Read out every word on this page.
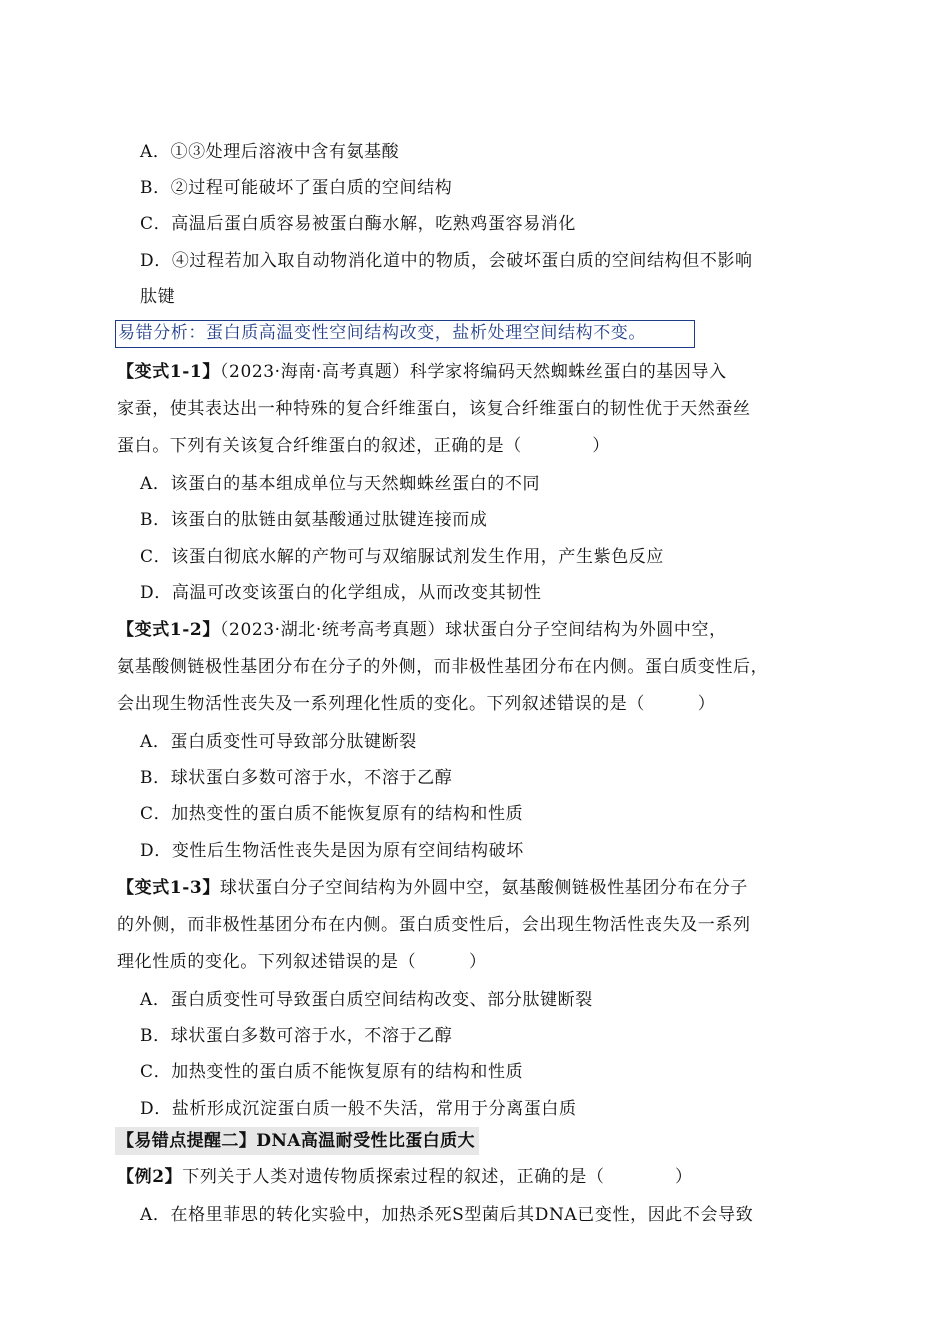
A．①③处理后溶液中含有氨基酸
B．②过程可能破坏了蛋白质的空间结构
C．高温后蛋白质容易被蛋白酶水解，吃熟鸡蛋容易消化
D．④过程若加入取自动物消化道中的物质，会破坏蛋白质的空间结构但不影响
肽键
易错分析：蛋白质高温变性空间结构改变，盐析处理空间结构不变。
【变式1-1】（2023·海南·高考真题）科学家将编码天然蜘蛛丝蛋白的基因导入
家蚕，使其表达出一种特殊的复合纤维蛋白，该复合纤维蛋白的韧性优于天然蚕丝
蛋白。下列有关该复合纤维蛋白的叙述，正确的是（　　　　）
A．该蛋白的基本组成单位与天然蜘蛛丝蛋白的不同
B．该蛋白的肽链由氨基酸通过肽键连接而成
C．该蛋白彻底水解的产物可与双缩脲试剂发生作用，产生紫色反应
D．高温可改变该蛋白的化学组成，从而改变其韧性
【变式1-2】（2023·湖北·统考高考真题）球状蛋白分子空间结构为外圆中空，
氨基酸侧链极性基团分布在分子的外侧，而非极性基团分布在内侧。蛋白质变性后，
会出现生物活性丧失及一系列理化性质的变化。下列叙述错误的是（　　　）
A．蛋白质变性可导致部分肽键断裂
B．球状蛋白多数可溶于水，不溶于乙醇
C．加热变性的蛋白质不能恢复原有的结构和性质
D．变性后生物活性丧失是因为原有空间结构破坏
【变式1-3】球状蛋白分子空间结构为外圆中空，氨基酸侧链极性基团分布在分子
的外侧，而非极性基团分布在内侧。蛋白质变性后，会出现生物活性丧失及一系列
理化性质的变化。下列叙述错误的是（　　　）
A．蛋白质变性可导致蛋白质空间结构改变、部分肽键断裂
B．球状蛋白多数可溶于水，不溶于乙醇
C．加热变性的蛋白质不能恢复原有的结构和性质
D．盐析形成沉淀蛋白质一般不失活，常用于分离蛋白质
【易错点提醒二】DNA高温耐受性比蛋白质大
【例2】下列关于人类对遗传物质探索过程的叙述，正确的是（　　　　）
A．在格里菲思的转化实验中，加热杀死S型菌后其DNA已变性，因此不会导致
